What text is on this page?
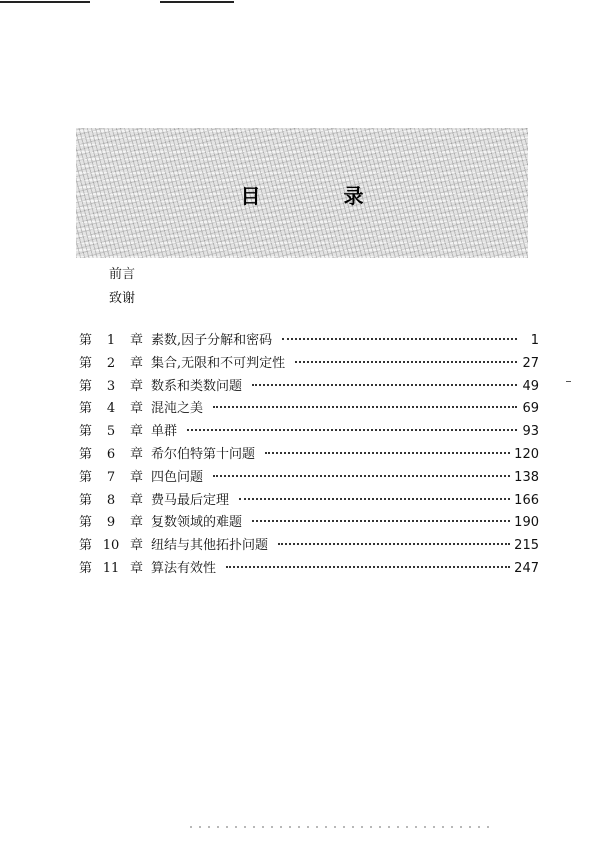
目 录
前言
致谢
第	1	章 素数,因子分解和密码	1
第	2	章 集合,无限和不可判定性	27
第	3	章 数系和类数问题	49
第	4	章 混沌之美	69
第	5	章 单群	93
第	6	章 希尔伯特第十问题	120
第	7	章 四色问题	138
第	8	章 费马最后定理	166
第	9	章 复数领域的难题	190
第 10 章 纽结与其他拓扑问题	215
第 11 章 算法有效性	247
